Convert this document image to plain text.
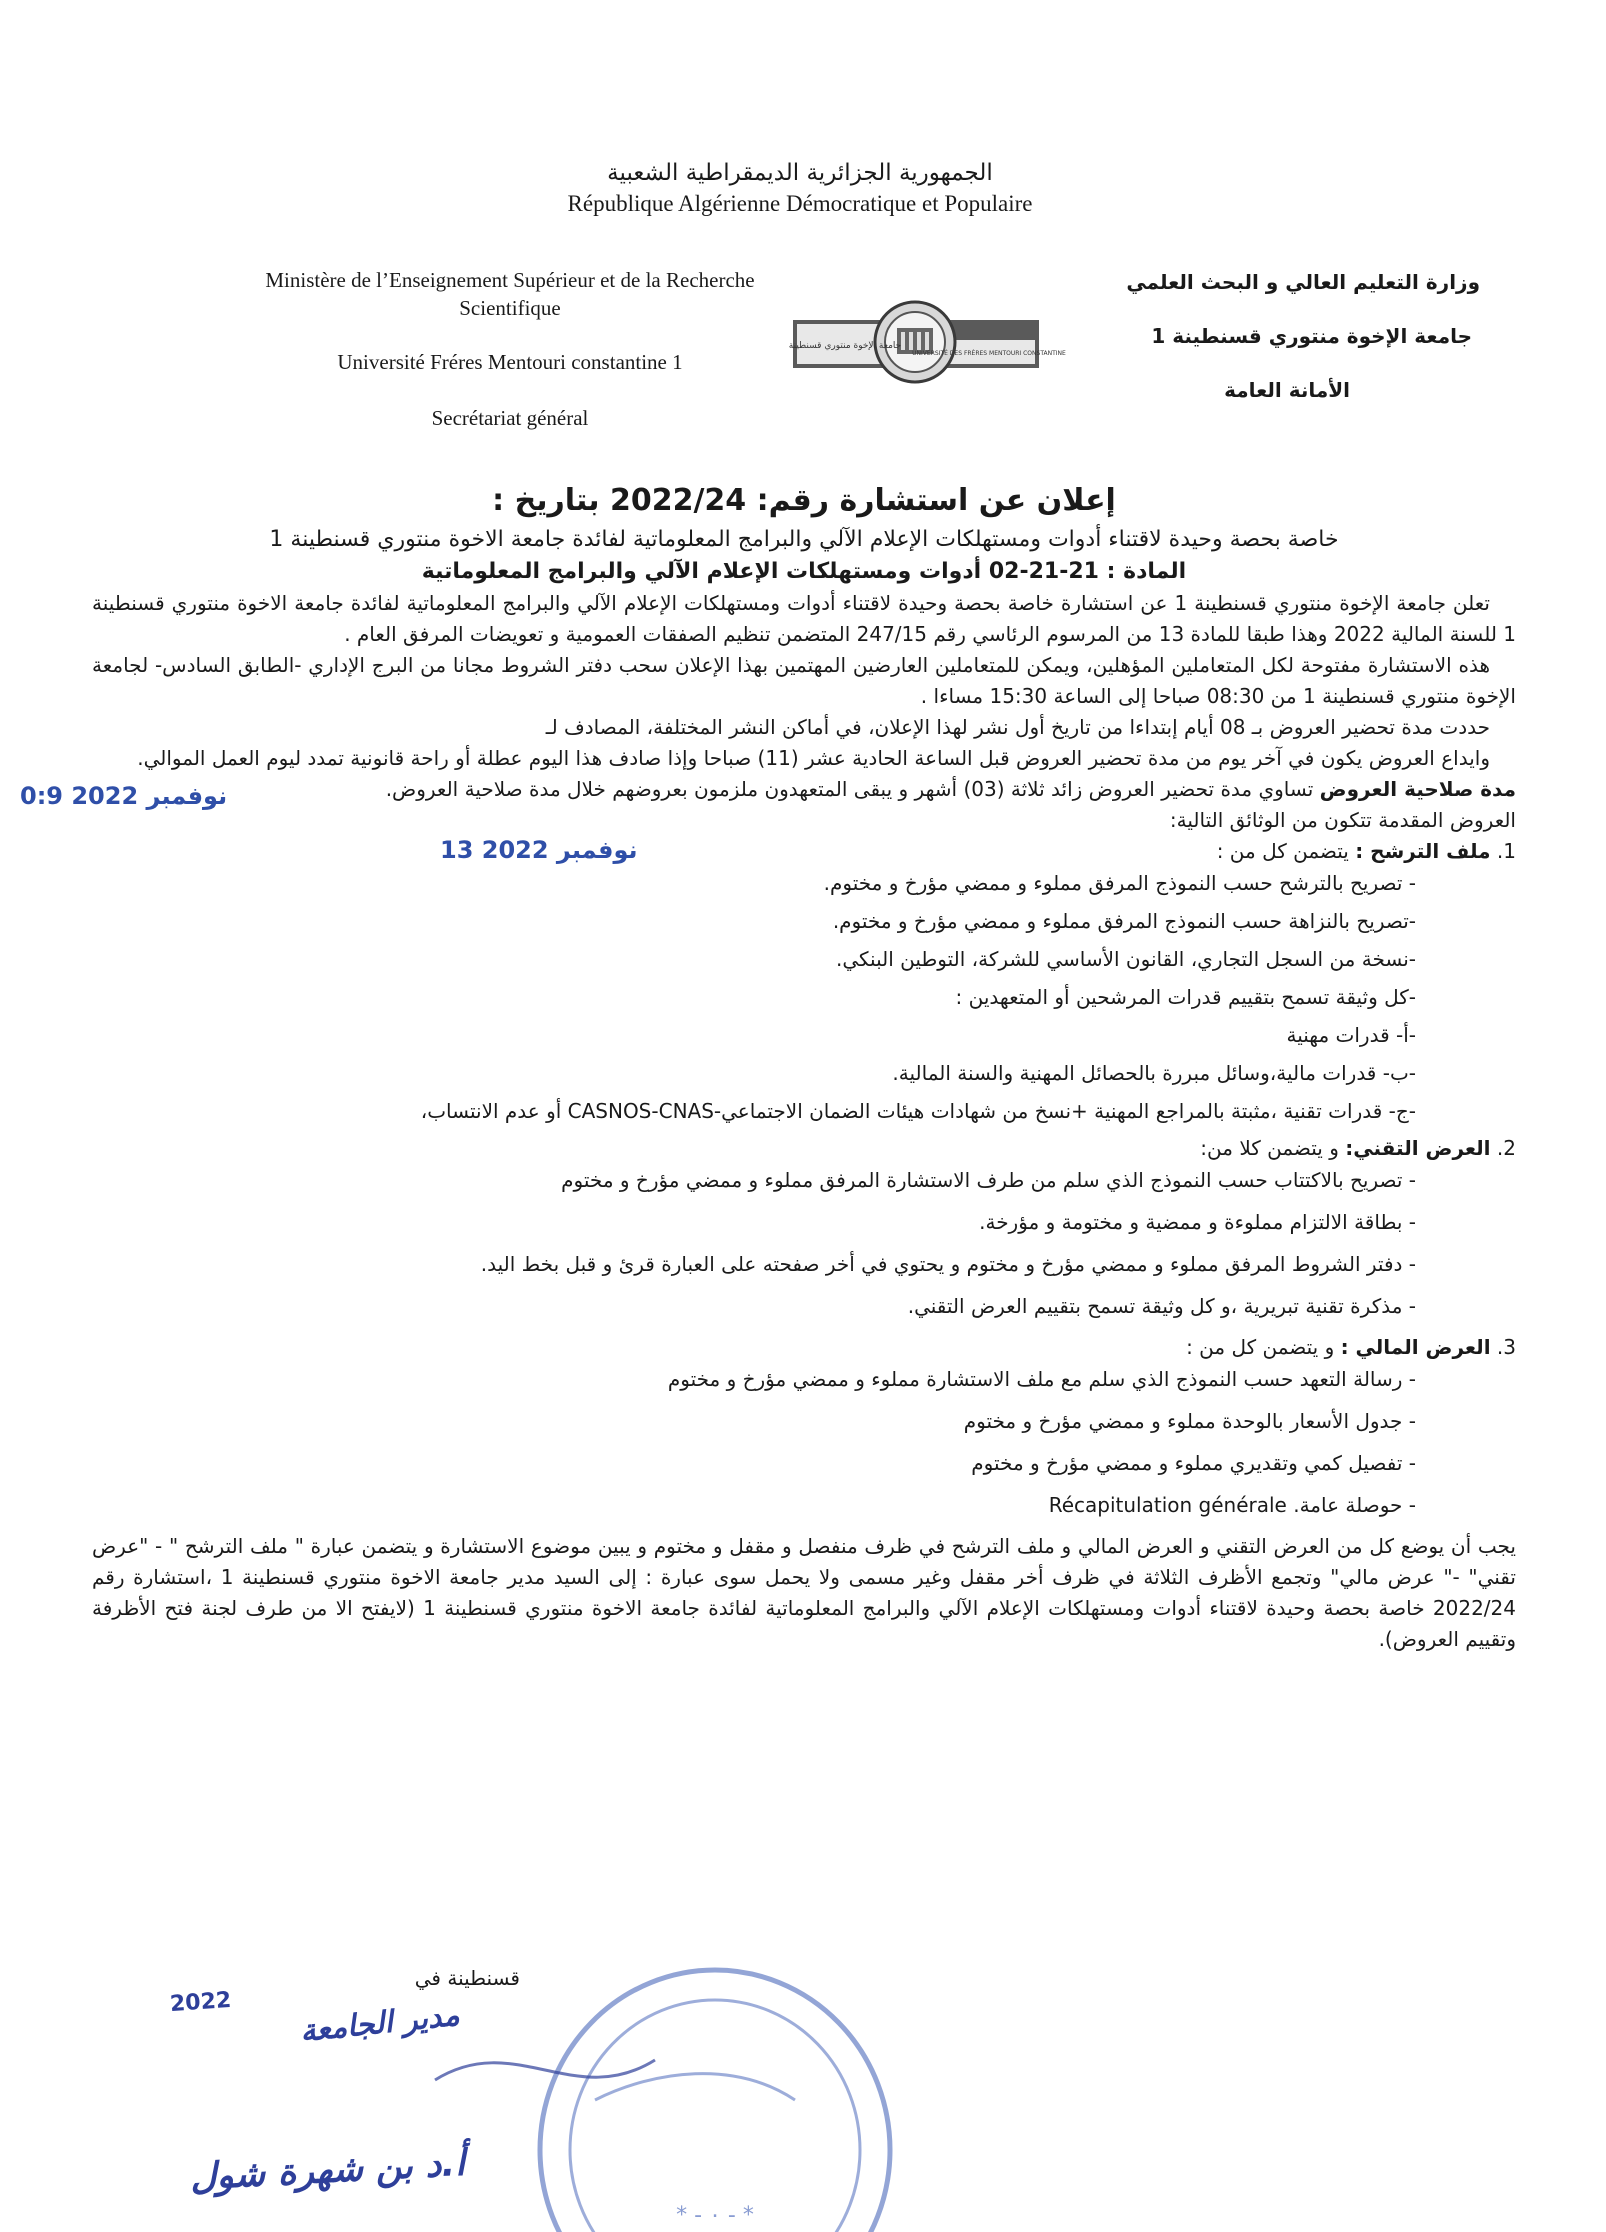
الجمهورية الجزائرية الديمقراطية الشعبية
République Algérienne Démocratique et Populaire
Ministère de l’Enseignement Supérieur et de la Recherche Scientifique
Université Fréres Mentouri constantine 1
Secrétariat général
جامعة الإخوة منتوري قسنطينة
UNIVERSITÉ DES FRÈRES MENTOURI CONSTANTINE
وزارة التعليم العالي و البحث العلمي
جامعة الإخوة منتوري قسنطينة 1
الأمانة العامة

إعلان عن استشارة رقم: 2022/24 بتاريخ :

خاصة بحصة وحيدة لاقتناء أدوات ومستهلكات الإعلام الآلي والبرامج المعلوماتية لفائدة جامعة الاخوة منتوري قسنطينة 1

المادة : 21-21-02 أدوات ومستهلكات الإعلام الآلي والبرامج المعلوماتية

تعلن جامعة الإخوة منتوري قسنطينة 1 عن استشارة خاصة بحصة وحيدة لاقتناء أدوات ومستهلكات الإعلام الآلي والبرامج المعلوماتية لفائدة جامعة الاخوة منتوري قسنطينة 1 للسنة المالية 2022 وهذا طبقا للمادة 13 من المرسوم الرئاسي رقم 247/15 المتضمن تنظيم الصفقات العمومية و تعويضات المرفق العام .

هذه الاستشارة مفتوحة لكل المتعاملين المؤهلين، ويمكن للمتعاملين العارضين المهتمين بهذا الإعلان سحب دفتر الشروط مجانا من البرج الإداري -الطابق السادس- لجامعة الإخوة منتوري قسنطينة 1 من 08:30 صباحا إلى الساعة 15:30 مساءا .

حددت مدة تحضير العروض بـ 08 أيام إبتداءا من تاريخ أول نشر لهذا الإعلان، في أماكن النشر المختلفة، المصادف لـ

وايداع العروض يكون في آخر يوم من مدة تحضير العروض قبل الساعة الحادية عشر (11) صباحا وإذا صادف هذا اليوم عطلة أو راحة قانونية تمدد ليوم العمل الموالي.

مدة صلاحية العروض تساوي مدة تحضير العروض زائد ثلاثة (03) أشهر و يبقى المتعهدون ملزمون بعروضهم خلال مدة صلاحية العروض.

العروض المقدمة تتكون من الوثائق التالية:

1. ملف الترشح : يتضمن كل من :

- تصريح بالترشح حسب النموذج المرفق مملوء و ممضي مؤرخ و مختوم.
-تصريح بالنزاهة حسب النموذج المرفق مملوء و ممضي مؤرخ و مختوم.
-نسخة من السجل التجاري، القانون الأساسي للشركة، التوطين البنكي.
-كل وثيقة تسمح بتقييم قدرات المرشحين أو المتعهدين :
-أ- قدرات مهنية
-ب- قدرات مالية،وسائل مبررة بالحصائل المهنية والسنة المالية.
-ج- قدرات تقنية ،مثبتة بالمراجع المهنية +نسخ من شهادات هيئات الضمان الاجتماعي-CASNOS-CNAS أو عدم الانتساب،

2. العرض التقني: و يتضمن كلا من:

- تصريح بالاكتتاب حسب النموذج الذي سلم من طرف الاستشارة المرفق مملوء و ممضي مؤرخ و مختوم
- بطاقة الالتزام مملوءة و ممضية و مختومة و مؤرخة.
- دفتر الشروط المرفق مملوء و ممضي مؤرخ و مختوم و يحتوي في أخر صفحته على العبارة قرئ و قبل بخط اليد.
- مذكرة تقنية تبريرية ،و كل وثيقة تسمح بتقييم العرض التقني.

3. العرض المالي : و يتضمن كل من :

- رسالة التعهد حسب النموذج الذي سلم مع ملف الاستشارة مملوء و ممضي مؤرخ و مختوم
- جدول الأسعار بالوحدة مملوء و ممضي مؤرخ و مختوم
- تفصيل كمي وتقديري مملوء و ممضي مؤرخ و مختوم
- حوصلة عامة. Récapitulation générale

يجب أن يوضع كل من العرض التقني و العرض المالي و ملف الترشح في ظرف منفصل و مقفل و مختوم و يبين موضوع الاستشارة و يتضمن عبارة " ملف الترشح " - "عرض تقني" -" عرض مالي" وتجمع الأظرف الثلاثة في ظرف أخر مقفل وغير مسمى ولا يحمل سوى عبارة : إلى السيد مدير جامعة الاخوة منتوري قسنطينة 1 ،استشارة رقم 2022/24 خاصة بحصة وحيدة لاقتناء أدوات ومستهلكات الإعلام الآلي والبرامج المعلوماتية لفائدة جامعة الاخوة منتوري قسنطينة 1 (لايفتح الا من طرف لجنة فتح الأظرفة وتقييم العروض).

0:9 نوفمبر 2022
13 نوفمبر 2022
قسنطينة في
2022 مدير الجامعة
أ.د بن شهرة شول
* - ٠ - *
